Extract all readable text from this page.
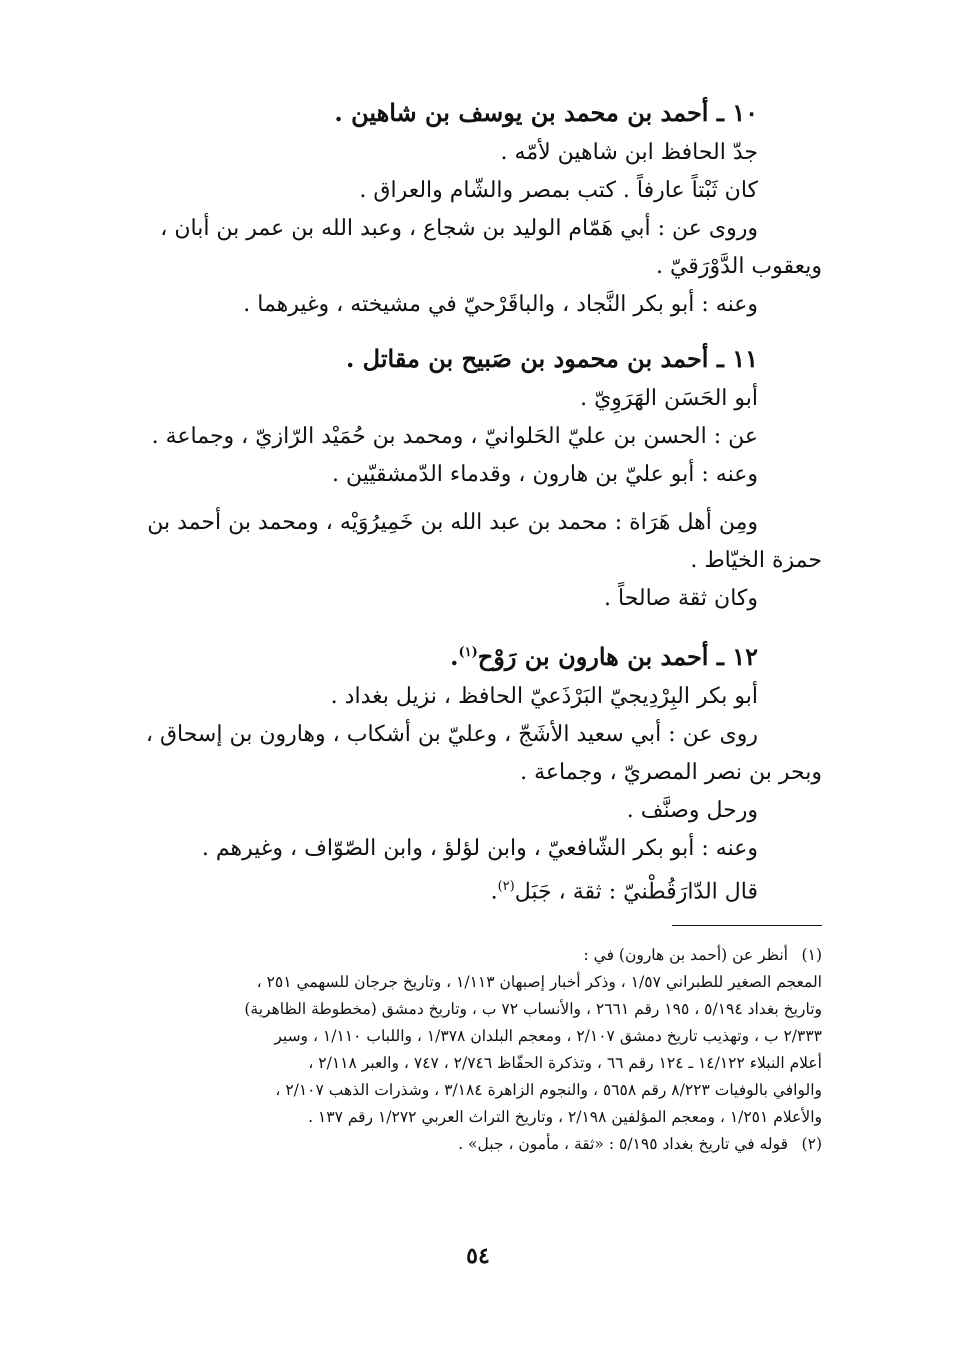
١٠ ـ أحمد بن محمد بن يوسف بن شاهين .

جدّ الحافظ ابن شاهين لأمّه .

كان ثَبْتاً عارفاً . كتب بمصر والشّام والعراق .

وروى عن : أبي هَمّام الوليد بن شجاع ، وعبد الله بن عمر بن أبان ،

ويعقوب الدَّوْرَقيّ .

وعنه : أبو بكر النَّجاد ، والباقَرْحيّ في مشيخته ، وغيرهما .

١١ ـ أحمد بن محمود بن صَبيح بن مقاتل .

أبو الحَسَن الهَرَوِيّ .

عن : الحسن بن عليّ الحَلوانيّ ، ومحمد بن حُمَيْد الرّازيّ ، وجماعة .

وعنه : أبو عليّ بن هارون ، وقدماء الدّمشقيّين .

ومِن أهل هَرَاة : محمد بن عبد الله بن خَمِيرُوَيْه ، ومحمد بن أحمد بن

حمزة الخيّاط .

وكان ثقة صالحاً .

١٢ ـ أحمد بن هارون بن رَوْح$^{(١)}$.

أبو بكر البِرْدِيجيّ البَرْذَعيّ الحافظ ، نزيل بغداد .

روى عن : أبي سعيد الأشَجّ ، وعليّ بن أشكاب ، وهارون بن إسحاق ،

وبحر بن نصر المصريّ ، وجماعة .

ورحل وصنَّف .

وعنه : أبو بكر الشّافعيّ ، وابن لؤلؤ ، وابن الصّوّاف ، وغيرهم .

قال الدّارَقُطْنيّ : ثقة ، جَبَل$^{(٢)}$.

(١)أنظر عن (أحمد بن هارون) في :

المعجم الصغير للطبراني ١/٥٧ ، وذكر أخبار إصبهان ١/١١٣ ، وتاريخ جرجان للسهمي ٢٥١ ،

وتاريخ بغداد ٥/١٩٤ ، ١٩٥ رقم ٢٦٦١ ، والأنساب ٧٢ ب ، وتاريخ دمشق (مخطوطة الظاهرية)

٢/٣٣٣ ب ، وتهذيب تاريخ دمشق ٢/١٠٧ ، ومعجم البلدان ١/٣٧٨ ، واللباب ١/١١٠ ، وسير

أعلام النبلاء ١٤/١٢٢ ـ ١٢٤ رقم ٦٦ ، وتذكرة الحفّاظ ٢/٧٤٦ ، ٧٤٧ ، والعبر ٢/١١٨ ،

والوافي بالوفيات ٨/٢٢٣ رقم ٥٦٥٨ ، والنجوم الزاهرة ٣/١٨٤ ، وشذرات الذهب ٢/١٠٧ ،

والأعلام ١/٢٥١ ، ومعجم المؤلفين ٢/١٩٨ ، وتاريخ التراث العربي ١/٢٧٢ رقم ١٣٧ .

(٢)قوله في تاريخ بغداد ٥/١٩٥ : «ثقة ، مأمون ، جبل» .

٥٤
